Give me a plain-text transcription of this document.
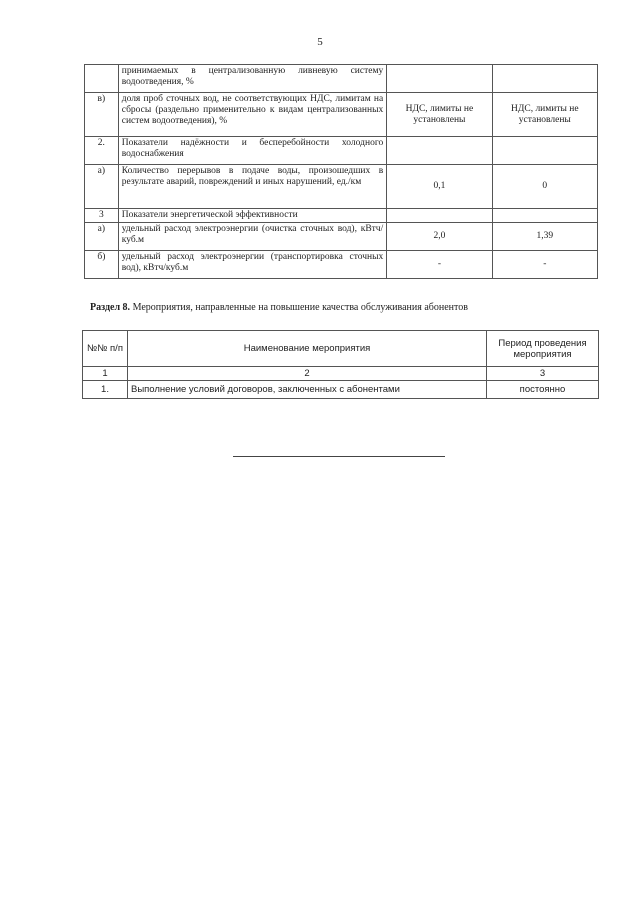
5
	принимаемых в централизованную ливневую систему водоотведения, %		
в)	доля проб сточных вод, не соответствующих НДС, лимитам на сбросы (раздельно применительно к видам централизованных систем водоотведения), %	НДС, лимиты не установлены	НДС, лимиты не установлены
2.	Показатели надёжности и бесперебойности холодного водоснабжения		
а)	Количество перерывов в подаче воды, произошедших в результате аварий, повреждений и иных нарушений, ед./км	0,1	0
3	Показатели энергетической эффективности		
а)	удельный расход электроэнергии (очистка сточных вод), кВтч/куб.м	2,0	1,39
б)	удельный расход электроэнергии (транспортировка сточных вод), кВтч/куб.м	-	-
Раздел 8. Мероприятия, направленные на повышение качества обслуживания абонентов
№№ п/п	Наименование мероприятия	Период проведения мероприятия
1	2	3
1.	Выполнение условий договоров, заключенных с абонентами	постоянно
